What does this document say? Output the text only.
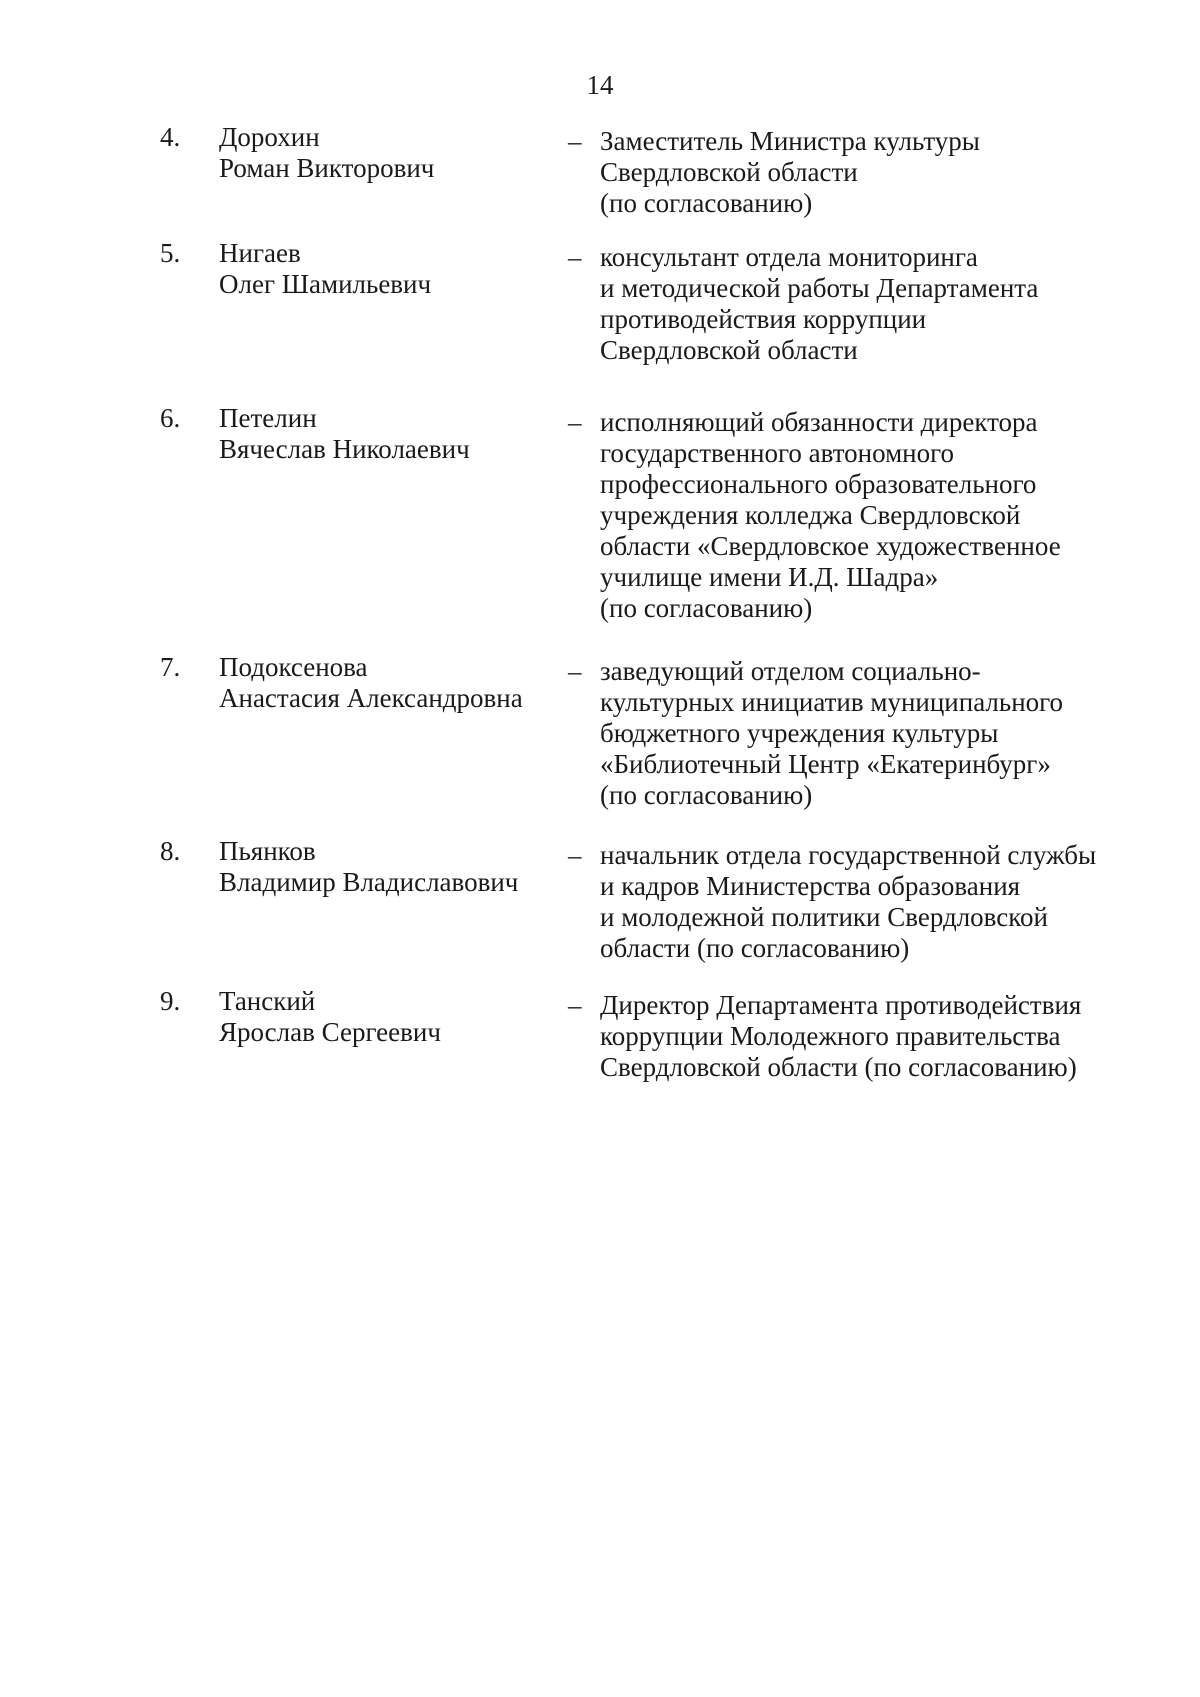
14
4. Дорохин
Роман Викторович
– Заместитель Министра культуры
Свердловской области
(по согласованию)
5. Нигаев
Олег Шамильевич
– консультант отдела мониторинга
и методической работы Департамента
противодействия коррупции
Свердловской области
6. Петелин
Вячеслав Николаевич
– исполняющий обязанности директора
государственного автономного
профессионального образовательного
учреждения колледжа Свердловской
области «Свердловское художественное
училище имени И.Д. Шадра»
(по согласованию)
7. Подоксенова
Анастасия Александровна
– заведующий отделом социально-
культурных инициатив муниципального
бюджетного учреждения культуры
«Библиотечный Центр «Екатеринбург»
(по согласованию)
8. Пьянков
Владимир Владиславович
– начальник отдела государственной службы
и кадров Министерства образования
и молодежной политики Свердловской
области (по согласованию)
9. Танский
Ярослав Сергеевич
– Директор Департамента противодействия
коррупции Молодежного правительства
Свердловской области (по согласованию)
